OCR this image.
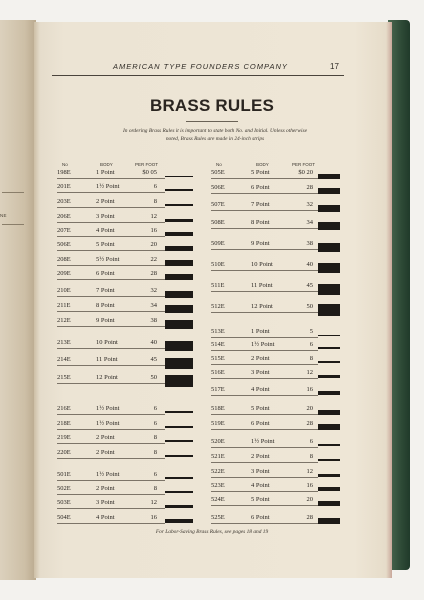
NE
AMERICAN TYPE FOUNDERS COMPANY	17
BRASS RULES
In ordering Brass Rules it is important to state both No. and Initial. Unless otherwise
noted, Brass Rules are made in 24-inch strips
No	BODY	PER FOOT	No	BODY	PER FOOT
198E	1 Point	$0 05
201E	1½ Point	6
203E	2 Point	8
206E	3 Point	12
207E	4 Point	16
506E	5 Point	20
208E	5½ Point	22
209E	6 Point	28
210E	7 Point	32
211E	8 Point	34
212E	9 Point	38
213E	10 Point	40
214E	11 Point	45
215E	12 Point	50
216E	1½ Point	6
218E	1½ Point	6
219E	2 Point	8
220E	2 Point	8
501E	1½ Point	6
502E	2 Point	8
503E	3 Point	12
504E	4 Point	16
505E	5 Point	$0 20
506E	6 Point	28
507E	7 Point	32
508E	8 Point	34
509E	9 Point	38
510E	10 Point	40
511E	11 Point	45
512E	12 Point	50
513E	1 Point	5
514E	1½ Point	6
515E	2 Point	8
516E	3 Point	12
517E	4 Point	16
518E	5 Point	20
519E	6 Point	28
520E	1½ Point	6
521E	2 Point	8
522E	3 Point	12
523E	4 Point	16
524E	5 Point	20
525E	6 Point	28
For Labor-Saving Brass Rules, see pages 18 and 19
